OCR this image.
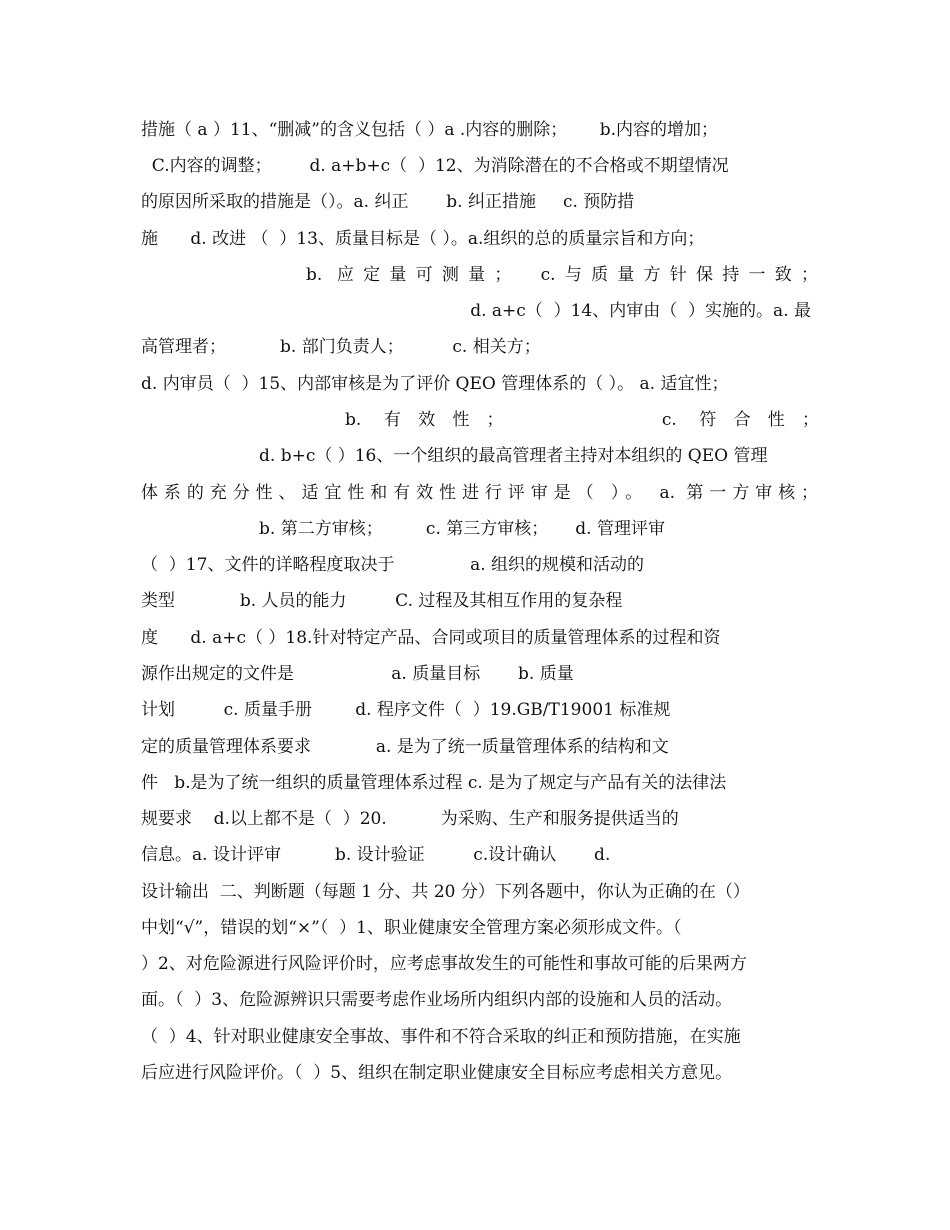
措施（ a ）11、“删减”的含义包括（ ）a .内容的删除；      b.内容的增加；
C.内容的调整；       d. a+b+c（  ）12、为消除潜在的不合格或不期望情况
的原因所采取的措施是（）。a. 纠正       b. 纠正措施     c. 预防措
施      d. 改进 （  ）13、质量目标是（ ）。a.组织的总的质量宗旨和方向；
b. 应定量可测量；  c.与质量方针保持一致；
d. a+c（  ）14、内审由（  ）实施的。a. 最
高管理者；          b. 部门负责人；         c. 相关方；
d. 内审员（  ）15、内部审核是为了评价 QEO 管理体系的（ ）。 a. 适宜性；
b. 有效性；       c. 符合性；
d. b+c（ ）16、一个组织的最高管理者主持对本组织的 QEO 管理
体系的充分性、适宜性和有效性进行评审是（ ）。 a. 第一方审核；
b. 第二方审核；        c. 第三方审核；     d. 管理评审
（  ）17、文件的详略程度取决于              a. 组织的规模和活动的
类型            b. 人员的能力         C. 过程及其相互作用的复杂程
度      d. a+c（ ）18.针对特定产品、合同或项目的质量管理体系的过程和资
源作出规定的文件是                  a. 质量目标       b. 质量
计划         c. 质量手册        d. 程序文件（  ）19.GB/T19001 标准规
定的质量管理体系要求            a. 是为了统一质量管理体系的结构和文
件   b.是为了统一组织的质量管理体系过程 c. 是为了规定与产品有关的法律法
规要求    d.以上都不是（  ）20.          为采购、生产和服务提供适当的
信息。a. 设计评审          b. 设计验证         c.设计确认       d.
设计输出  二、判断题（每题 1 分、共 20 分）下列各题中，你认为正确的在（）
中划“√”，错误的划“×”（  ）1、职业健康安全管理方案必须形成文件。（
）2、对危险源进行风险评价时，应考虑事故发生的可能性和事故可能的后果两方
面。（  ）3、危险源辨识只需要考虑作业场所内组织内部的设施和人员的活动。
（  ）4、针对职业健康安全事故、事件和不符合采取的纠正和预防措施，在实施
后应进行风险评价。（  ）5、组织在制定职业健康安全目标应考虑相关方意见。
